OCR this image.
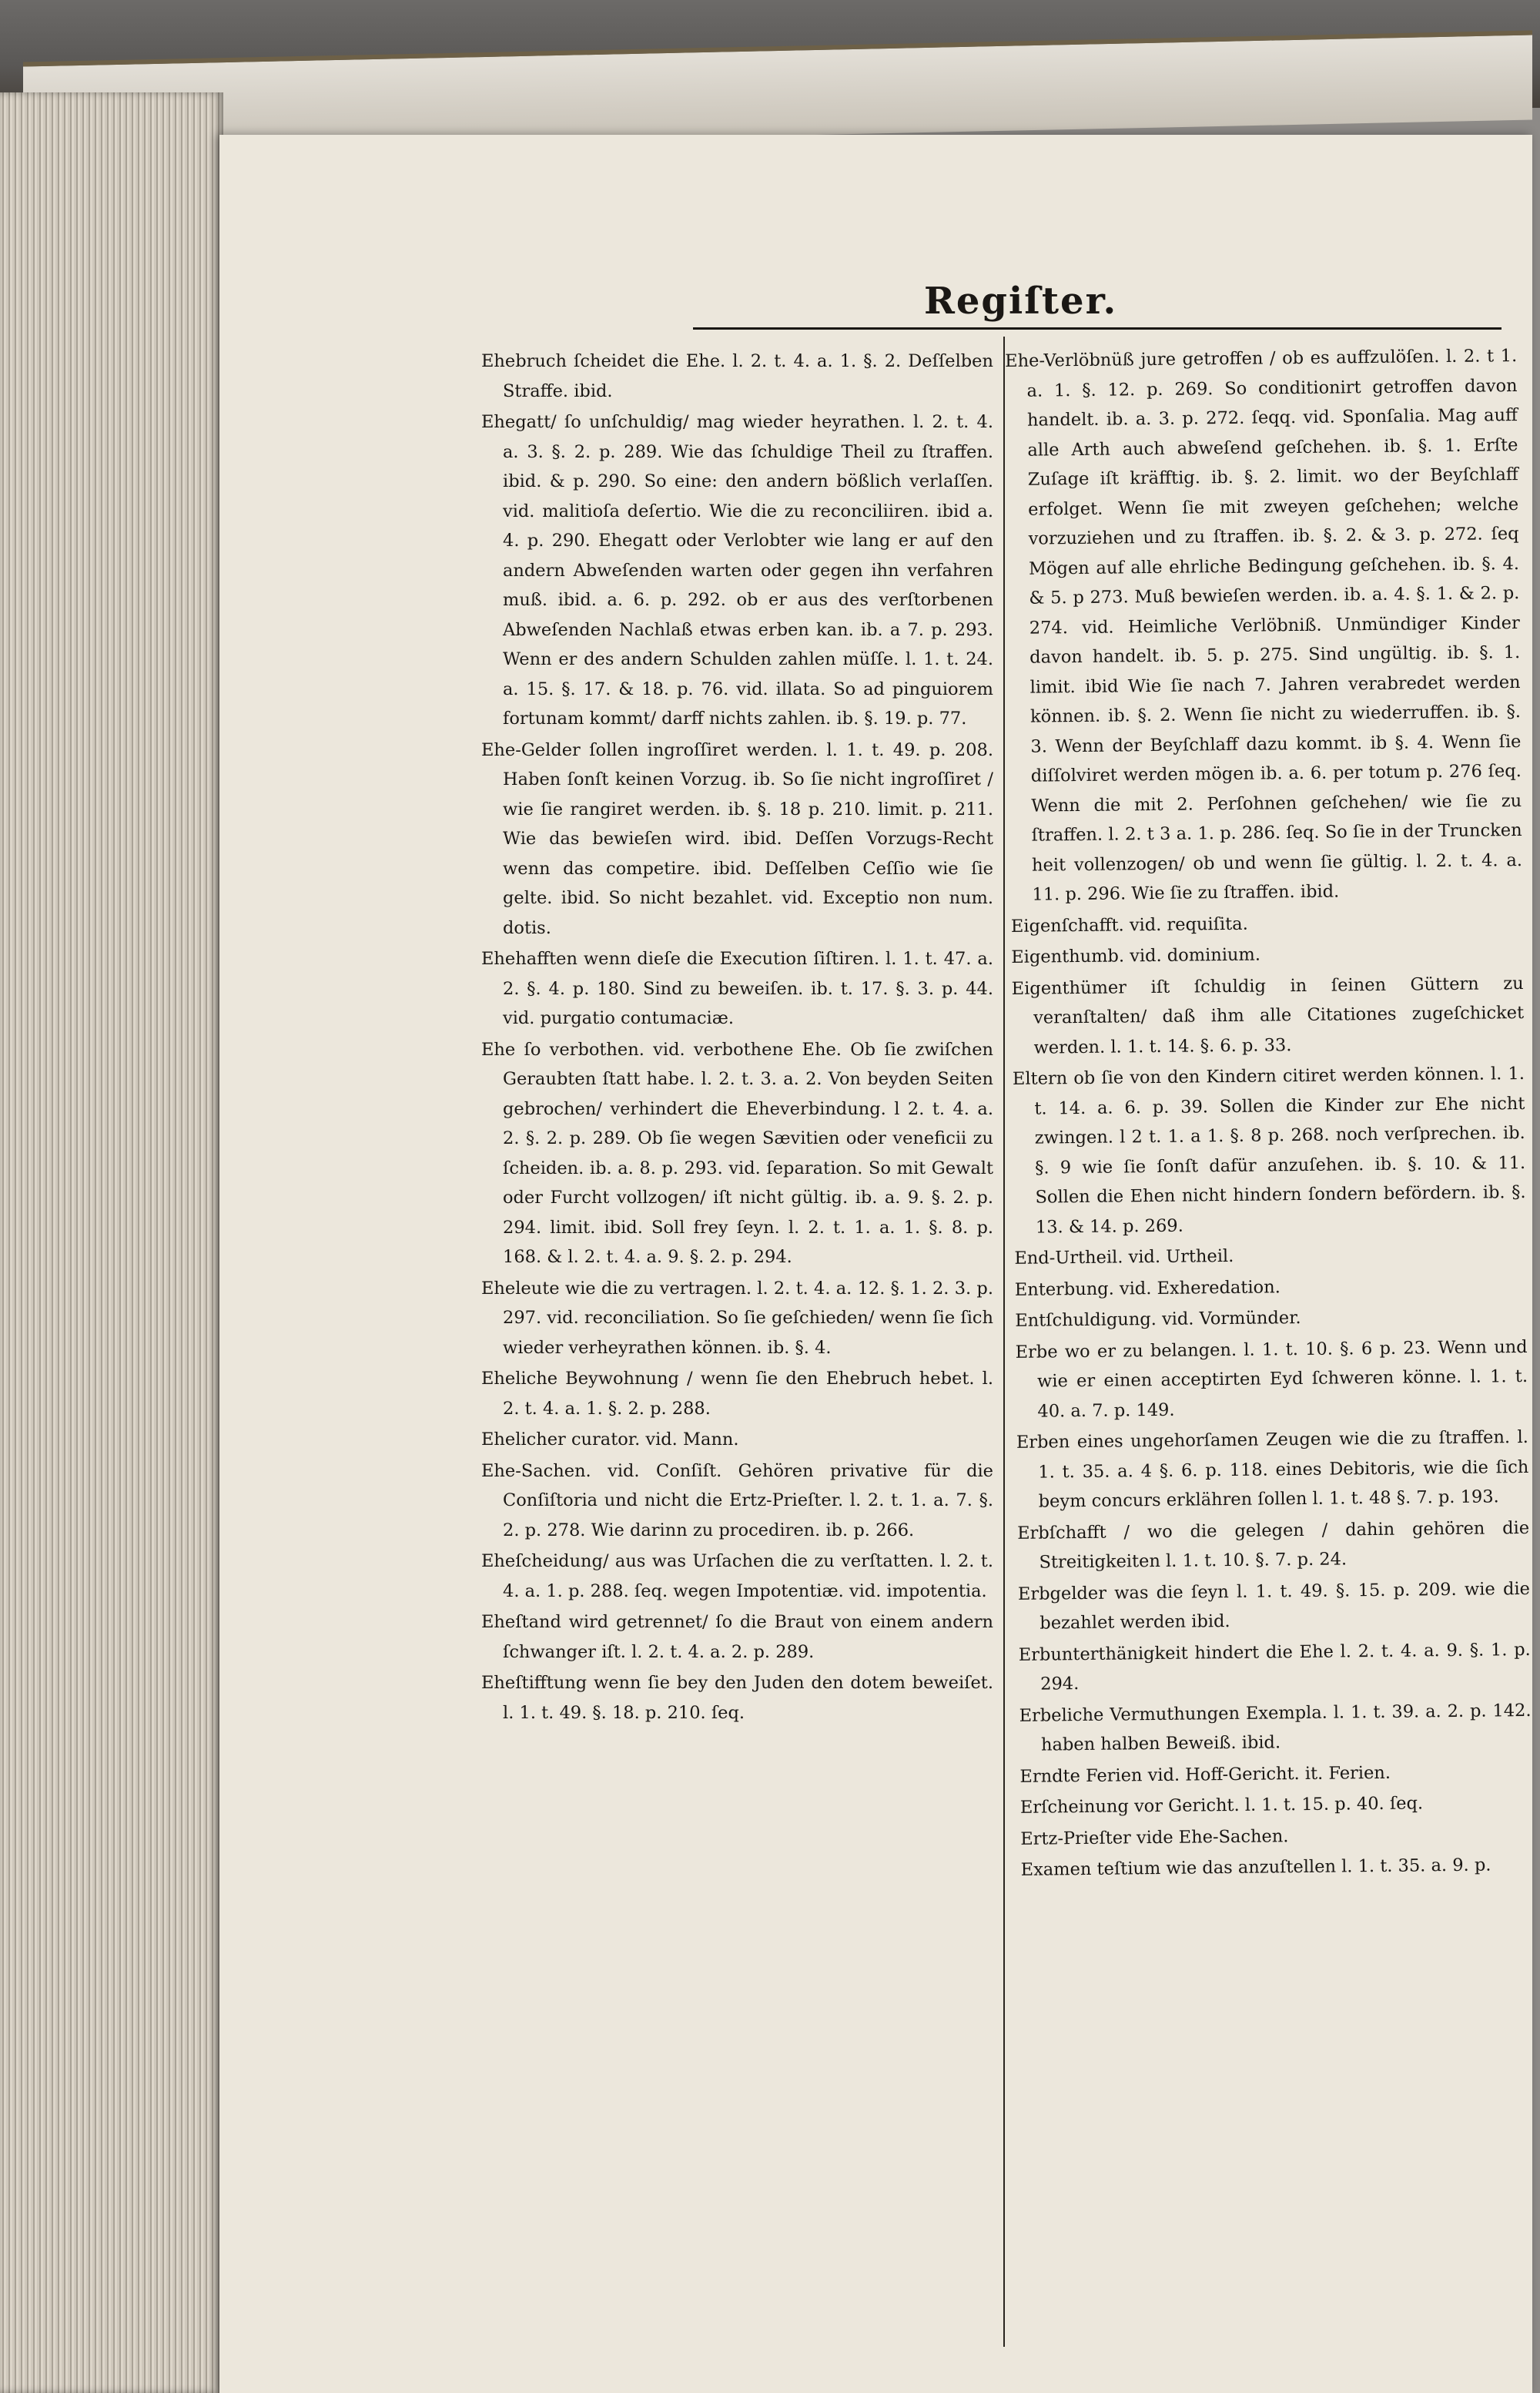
Regiſter.

Ehebruch ſcheidet die Ehe. l. 2. t. 4. a. 1. §. 2. Deſſelben Straffe. ibid.

Ehegatt/ ſo unſchuldig/ mag wieder heyrathen. l. 2. t. 4. a. 3. §. 2. p. 289. Wie das ſchuldige Theil zu ſtraffen. ibid. & p. 290. So eine: den andern bößlich verlaſſen. vid. malitioſa deſertio. Wie die zu reconciliiren. ibid a. 4. p. 290. Ehegatt oder Verlobter wie lang er auf den andern Abweſenden warten oder gegen ihn verfahren muß. ibid. a. 6. p. 292. ob er aus des verſtorbenen Abweſenden Nachlaß etwas erben kan. ib. a 7. p. 293. Wenn er des andern Schulden zahlen müſſe. l. 1. t. 24. a. 15. §. 17. & 18. p. 76. vid. illata. So ad pinguiorem fortunam kommt/ darff nichts zahlen. ib. §. 19. p. 77.

Ehe-Gelder ſollen ingroſſiret werden. l. 1. t. 49. p. 208. Haben ſonſt keinen Vorzug. ib. So ſie nicht ingroſſiret / wie ſie rangiret werden. ib. §. 18 p. 210. limit. p. 211. Wie das bewieſen wird. ibid. Deſſen Vorzugs-Recht wenn das competire. ibid. Deſſelben Ceſſio wie ſie gelte. ibid. So nicht bezahlet. vid. Exceptio non num. dotis.

Ehehafften wenn dieſe die Execution ſiſtiren. l. 1. t. 47. a. 2. §. 4. p. 180. Sind zu beweiſen. ib. t. 17. §. 3. p. 44. vid. purgatio contumaciæ.

Ehe ſo verbothen. vid. verbothene Ehe. Ob ſie zwiſchen Geraubten ſtatt habe. l. 2. t. 3. a. 2. Von beyden Seiten gebrochen/ verhindert die Eheverbindung. l 2. t. 4. a. 2. §. 2. p. 289. Ob ſie wegen Sævitien oder veneficii zu ſcheiden. ib. a. 8. p. 293. vid. ſeparation. So mit Gewalt oder Furcht vollzogen/ iſt nicht gültig. ib. a. 9. §. 2. p. 294. limit. ibid. Soll frey ſeyn. l. 2. t. 1. a. 1. §. 8. p. 168. & l. 2. t. 4. a. 9. §. 2. p. 294.

Eheleute wie die zu vertragen. l. 2. t. 4. a. 12. §. 1. 2. 3. p. 297. vid. reconciliation. So ſie geſchieden/ wenn ſie ſich wieder verheyrathen können. ib. §. 4.

Eheliche Beywohnung / wenn ſie den Ehebruch hebet. l. 2. t. 4. a. 1. §. 2. p. 288.

Ehelicher curator. vid. Mann.

Ehe-Sachen. vid. Conſiſt. Gehören privative für die Conſiſtoria und nicht die Ertz-Prieſter. l. 2. t. 1. a. 7. §. 2. p. 278. Wie darinn zu procediren. ib. p. 266.

Eheſcheidung/ aus was Urſachen die zu verſtatten. l. 2. t. 4. a. 1. p. 288. ſeq. wegen Impotentiæ. vid. impotentia.

Eheſtand wird getrennet/ ſo die Braut von einem andern ſchwanger iſt. l. 2. t. 4. a. 2. p. 289.

Eheſtifftung wenn ſie bey den Juden den dotem beweiſet. l. 1. t. 49. §. 18. p. 210. ſeq.

Ehe-Verlöbnüß jure getroffen / ob es auffzulöſen. l. 2. t 1. a. 1. §. 12. p. 269. So conditionirt getroffen davon handelt. ib. a. 3. p. 272. ſeqq. vid. Sponſalia. Mag auff alle Arth auch abweſend geſchehen. ib. §. 1. Erſte Zuſage iſt kräfftig. ib. §. 2. limit. wo der Beyſchlaff erfolget. Wenn ſie mit zweyen geſchehen; welche vorzuziehen und zu ſtraffen. ib. §. 2. & 3. p. 272. ſeq Mögen auf alle ehrliche Bedingung geſchehen. ib. §. 4. & 5. p 273. Muß bewieſen werden. ib. a. 4. §. 1. & 2. p. 274. vid. Heimliche Verlöbniß. Unmündiger Kinder davon handelt. ib. 5. p. 275. Sind ungültig. ib. §. 1. limit. ibid Wie ſie nach 7. Jahren verabredet werden können. ib. §. 2. Wenn ſie nicht zu wiederruffen. ib. §. 3. Wenn der Beyſchlaff dazu kommt. ib §. 4. Wenn ſie diſſolviret werden mögen ib. a. 6. per totum p. 276 ſeq. Wenn die mit 2. Perſohnen geſchehen/ wie ſie zu ſtraffen. l. 2. t 3 a. 1. p. 286. ſeq. So ſie in der Truncken heit vollenzogen/ ob und wenn ſie gültig. l. 2. t. 4. a. 11. p. 296. Wie ſie zu ſtraffen. ibid.

Eigenſchafft. vid. requiſita.

Eigenthumb. vid. dominium.

Eigenthümer iſt ſchuldig in ſeinen Güttern zu veranſtalten/ daß ihm alle Citationes zugeſchicket werden. l. 1. t. 14. §. 6. p. 33.

Eltern ob ſie von den Kindern citiret werden können. l. 1. t. 14. a. 6. p. 39. Sollen die Kinder zur Ehe nicht zwingen. l 2 t. 1. a 1. §. 8 p. 268. noch verſprechen. ib. §. 9 wie ſie ſonſt dafür anzuſehen. ib. §. 10. & 11. Sollen die Ehen nicht hindern ſondern befördern. ib. §. 13. & 14. p. 269.

End-Urtheil. vid. Urtheil.

Enterbung. vid. Exheredation.

Entſchuldigung. vid. Vormünder.

Erbe wo er zu belangen. l. 1. t. 10. §. 6 p. 23. Wenn und wie er einen acceptirten Eyd ſchweren könne. l. 1. t. 40. a. 7. p. 149.

Erben eines ungehorſamen Zeugen wie die zu ſtraffen. l. 1. t. 35. a. 4 §. 6. p. 118. eines Debitoris, wie die ſich beym concurs erklähren ſollen l. 1. t. 48 §. 7. p. 193.

Erbſchafft / wo die gelegen / dahin gehören die Streitigkeiten l. 1. t. 10. §. 7. p. 24.

Erbgelder was die ſeyn l. 1. t. 49. §. 15. p. 209. wie die bezahlet werden ibid.

Erbunterthänigkeit hindert die Ehe l. 2. t. 4. a. 9. §. 1. p. 294.

Erbeliche Vermuthungen Exempla. l. 1. t. 39. a. 2. p. 142. haben halben Beweiß. ibid.

Erndte Ferien vid. Hoff-Gericht. it. Ferien.

Erſcheinung vor Gericht. l. 1. t. 15. p. 40. ſeq.

Ertz-Prieſter vide Ehe-Sachen.

Examen teſtium wie das anzuſtellen l. 1. t. 35. a. 9. p.
